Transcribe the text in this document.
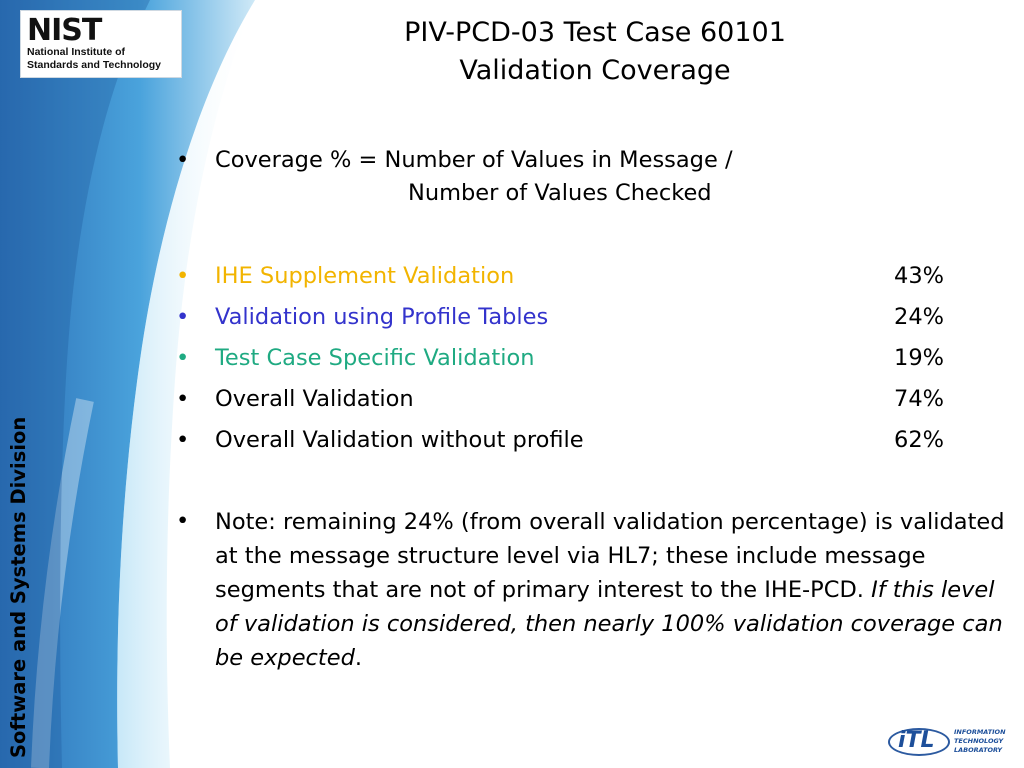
NIST
National Institute of
Standards and Technology
Software and Systems Division
PIV-PCD-03 Test Case 60101
Validation Coverage
• Coverage % = Number of Values in Message /
Number of Values Checked
• IHE Supplement Validation	43%
• Validation using Profile Tables	24%
• Test Case Specific Validation	19%
• Overall Validation	74%
• Overall Validation without profile	62%
• Note: remaining 24% (from overall validation percentage) is validated at the message structure level via HL7; these include message segments that are not of primary interest to the IHE-PCD. If this level of validation is considered, then nearly 100% validation coverage can be expected.
iTL	INFORMATION
TECHNOLOGY
LABORATORY
